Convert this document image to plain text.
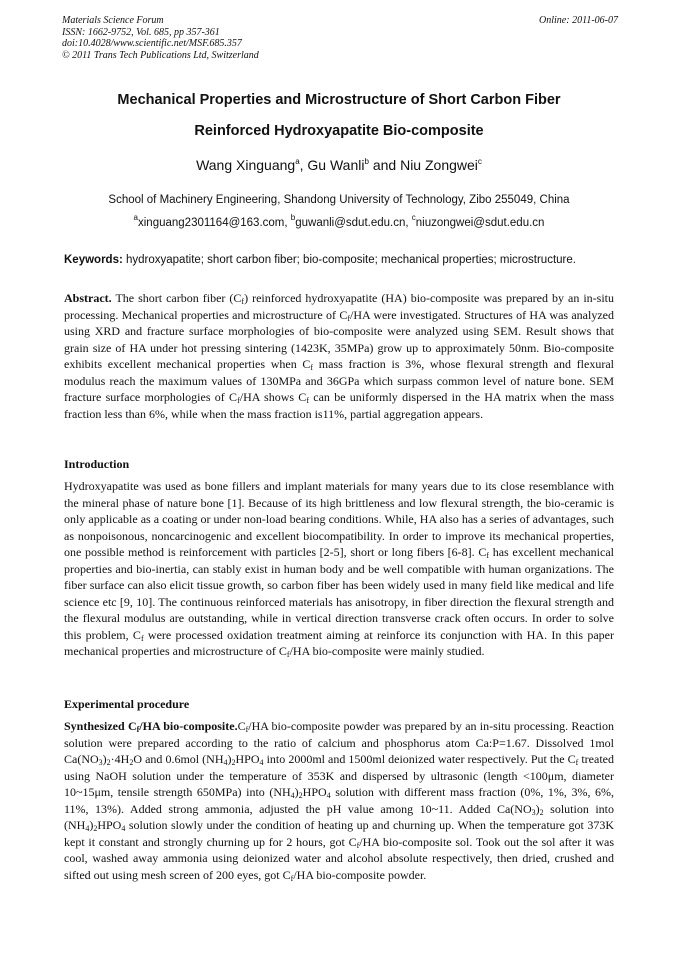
Materials Science Forum
ISSN: 1662-9752, Vol. 685, pp 357-361
doi:10.4028/www.scientific.net/MSF.685.357
© 2011 Trans Tech Publications Ltd, Switzerland
Online: 2011-06-07
Mechanical Properties and Microstructure of Short Carbon Fiber
Reinforced Hydroxyapatite Bio-composite
Wang Xinguang$^a$, Gu Wanli$^b$ and Niu Zongwei$^c$
School of Machinery Engineering, Shandong University of Technology, Zibo 255049, China
$^a$xinguang2301164@163.com, $^b$guwanli@sdut.edu.cn, $^c$niuzongwei@sdut.edu.cn
Keywords: hydroxyapatite; short carbon fiber; bio-composite; mechanical properties; microstructure.

Abstract. The short carbon fiber $(C_f)$ reinforced hydroxyapatite (HA) bio-composite was prepared by an in-situ processing. Mechanical properties and microstructure of $C_f/HA$ were investigated. Structures of HA was analyzed using XRD and fracture surface morphologies of bio-composite were analyzed using SEM. Result shows that grain size of HA under hot pressing sintering (1423K, 35MPa) grow up to approximately 50nm. Bio-composite exhibits excellent mechanical properties when $C_f$ mass fraction is 3%, whose flexural strength and flexural modulus reach the maximum values of 130MPa and 36GPa which surpass common level of nature bone. SEM fracture surface morphologies of $C_f/HA$ shows $C_f$ can be uniformly dispersed in the HA matrix when the mass fraction less than 6%, while when the mass fraction is11%, partial aggregation appears.

Introduction

Hydroxyapatite was used as bone fillers and implant materials for many years due to its close resemblance with the mineral phase of nature bone [1]. Because of its high brittleness and low flexural strength, the bio-ceramic is only applicable as a coating or under non-load bearing conditions. While, HA also has a series of advantages, such as nonpoisonous, noncarcinogenic and excellent biocompatibility. In order to improve its mechanical properties, one possible method is reinforcement with particles [2-5], short or long fibers [6-8]. $C_f$ has excellent mechanical properties and bio-inertia, can stably exist in human body and be well compatible with human organizations. The fiber surface can also elicit tissue growth, so carbon fiber has been widely used in many field like medical and life science etc [9, 10]. The continuous reinforced materials has anisotropy, in fiber direction the flexural strength and the flexural modulus are outstanding, while in vertical direction transverse crack often occurs. In order to solve this problem, $C_f$ were processed oxidation treatment aiming at reinforce its conjunction with HA. In this paper mechanical properties and microstructure of $C_f/HA$ bio-composite were mainly studied.

Experimental procedure

Synthesized $C_f/HA$ bio-$composite.C_f/HA$ bio-composite powder was prepared by an in-situ processing. Reaction solution were prepared according to the ratio of calcium and phosphorus atom Ca:P=1.67. Dissolved 1mol $Ca(NO_3)_2\cdot 4H_2O$ and 0.6mol $(NH_4)_2HPO_4$ into 2000ml and 1500ml deionized water respectively. Put the $C_f$ treated using NaOH solution under the temperature of 353K and dispersed by ultrasonic (length <100μm, diameter 10~15μm, tensile strength 650MPa) into $(NH_4)_2HPO_4$ solution with different mass fraction (0%, 1%, 3%, 6%, 11%, 13%). Added strong ammonia, adjusted the pH value among 10~11. Added $Ca(NO_3)_2$ solution into $(NH_4)_2HPO_4$ solution slowly under the condition of heating up and churning up. When the temperature got 373K kept it constant and strongly churning up for 2 hours, got $C_f/HA$ bio-composite sol. Took out the sol after it was cool, washed away ammonia using deionized water and alcohol absolute respectively, then dried, crushed and sifted out using mesh screen of 200 eyes, got $C_f/HA$ bio-composite powder.
